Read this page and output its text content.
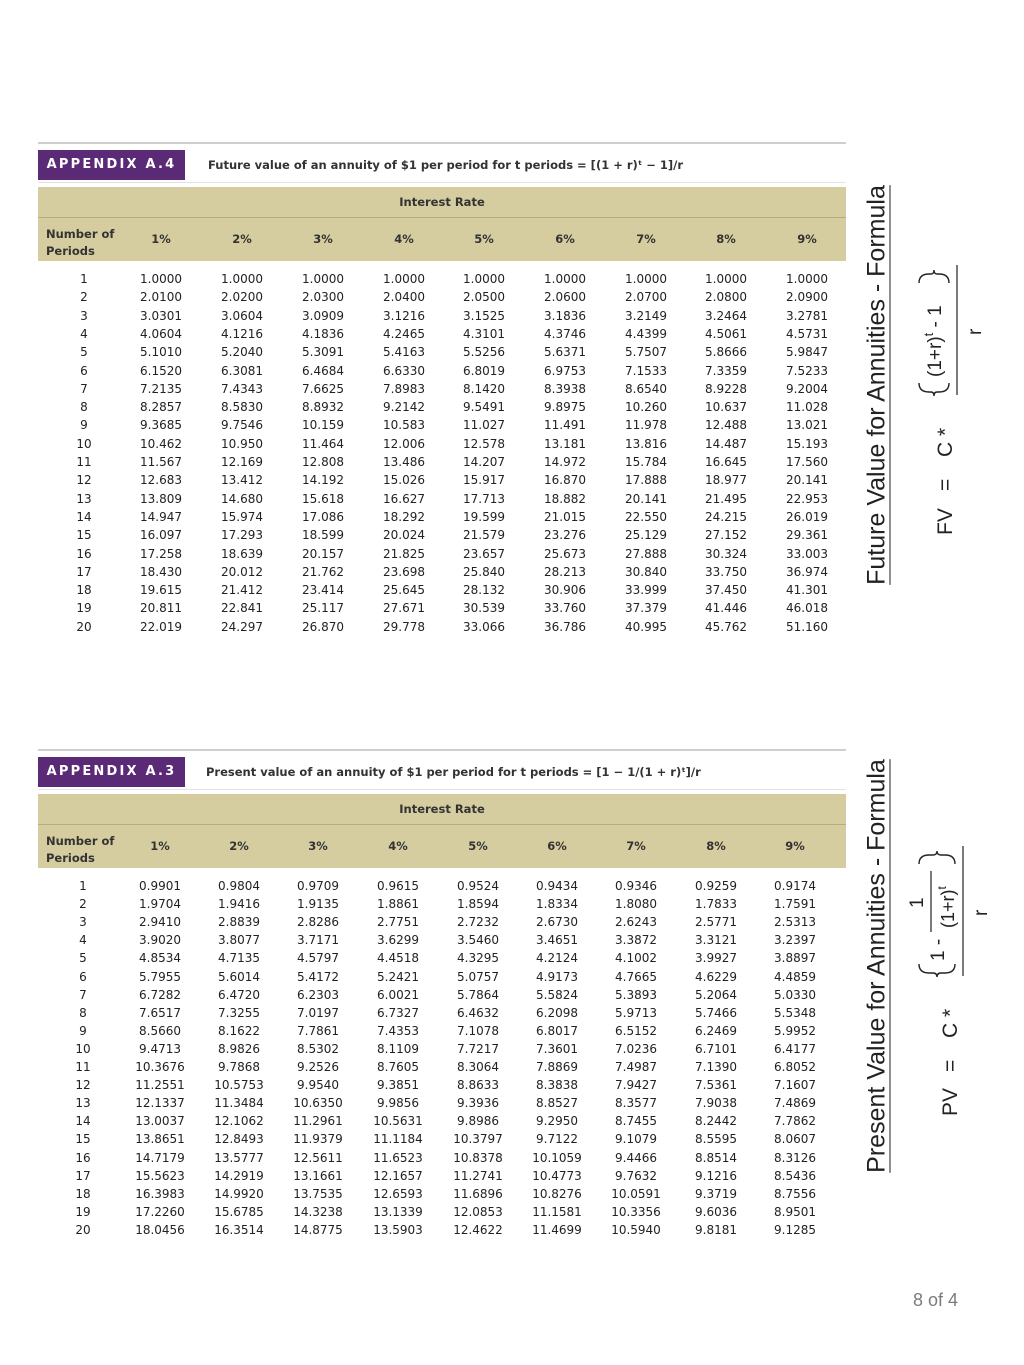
APPENDIX A.4	Future value of an annuity of $1 per period for t periods = [(1 + r)ᵗ − 1]/r
Interest Rate
Number of
Periods
1%	2%	3%	4%	5%	6%	7%	8%	9%
1	1.0000	1.0000	1.0000	1.0000	1.0000	1.0000	1.0000	1.0000	1.0000
2	2.0100	2.0200	2.0300	2.0400	2.0500	2.0600	2.0700	2.0800	2.0900
3	3.0301	3.0604	3.0909	3.1216	3.1525	3.1836	3.2149	3.2464	3.2781
4	4.0604	4.1216	4.1836	4.2465	4.3101	4.3746	4.4399	4.5061	4.5731
5	5.1010	5.2040	5.3091	5.4163	5.5256	5.6371	5.7507	5.8666	5.9847
6	6.1520	6.3081	6.4684	6.6330	6.8019	6.9753	7.1533	7.3359	7.5233
7	7.2135	7.4343	7.6625	7.8983	8.1420	8.3938	8.6540	8.9228	9.2004
8	8.2857	8.5830	8.8932	9.2142	9.5491	9.8975	10.260	10.637	11.028
9	9.3685	9.7546	10.159	10.583	11.027	11.491	11.978	12.488	13.021
10	10.462	10.950	11.464	12.006	12.578	13.181	13.816	14.487	15.193
11	11.567	12.169	12.808	13.486	14.207	14.972	15.784	16.645	17.560
12	12.683	13.412	14.192	15.026	15.917	16.870	17.888	18.977	20.141
13	13.809	14.680	15.618	16.627	17.713	18.882	20.141	21.495	22.953
14	14.947	15.974	17.086	18.292	19.599	21.015	22.550	24.215	26.019
15	16.097	17.293	18.599	20.024	21.579	23.276	25.129	27.152	29.361
16	17.258	18.639	20.157	21.825	23.657	25.673	27.888	30.324	33.003
17	18.430	20.012	21.762	23.698	25.840	28.213	30.840	33.750	36.974
18	19.615	21.412	23.414	25.645	28.132	30.906	33.999	37.450	41.301
19	20.811	22.841	25.117	27.671	30.539	33.760	37.379	41.446	46.018
20	22.019	24.297	26.870	29.778	33.066	36.786	40.995	45.762	51.160
APPENDIX A.3	Present value of an annuity of $1 per period for t periods = [1 − 1/(1 + r)ᵗ]/r
Interest Rate
Number of
Periods
1%	2%	3%	4%	5%	6%	7%	8%	9%
1	0.9901	0.9804	0.9709	0.9615	0.9524	0.9434	0.9346	0.9259	0.9174
2	1.9704	1.9416	1.9135	1.8861	1.8594	1.8334	1.8080	1.7833	1.7591
3	2.9410	2.8839	2.8286	2.7751	2.7232	2.6730	2.6243	2.5771	2.5313
4	3.9020	3.8077	3.7171	3.6299	3.5460	3.4651	3.3872	3.3121	3.2397
5	4.8534	4.7135	4.5797	4.4518	4.3295	4.2124	4.1002	3.9927	3.8897
6	5.7955	5.6014	5.4172	5.2421	5.0757	4.9173	4.7665	4.6229	4.4859
7	6.7282	6.4720	6.2303	6.0021	5.7864	5.5824	5.3893	5.2064	5.0330
8	7.6517	7.3255	7.0197	6.7327	6.4632	6.2098	5.9713	5.7466	5.5348
9	8.5660	8.1622	7.7861	7.4353	7.1078	6.8017	6.5152	6.2469	5.9952
10	9.4713	8.9826	8.5302	8.1109	7.7217	7.3601	7.0236	6.7101	6.4177
11	10.3676	9.7868	9.2526	8.7605	8.3064	7.8869	7.4987	7.1390	6.8052
12	11.2551	10.5753	9.9540	9.3851	8.8633	8.3838	7.9427	7.5361	7.1607
13	12.1337	11.3484	10.6350	9.9856	9.3936	8.8527	8.3577	7.9038	7.4869
14	13.0037	12.1062	11.2961	10.5631	9.8986	9.2950	8.7455	8.2442	7.7862
15	13.8651	12.8493	11.9379	11.1184	10.3797	9.7122	9.1079	8.5595	8.0607
16	14.7179	13.5777	12.5611	11.6523	10.8378	10.1059	9.4466	8.8514	8.3126
17	15.5623	14.2919	13.1661	12.1657	11.2741	10.4773	9.7632	9.1216	8.5436
18	16.3983	14.9920	13.7535	12.6593	11.6896	10.8276	10.0591	9.3719	8.7556
19	17.2260	15.6785	14.3238	13.1339	12.0853	11.1581	10.3356	9.6036	8.9501
20	18.0456	16.3514	14.8775	13.5903	12.4622	11.4699	10.5940	9.8181	9.1285
Future Value for Annuities - Formula
Present Value for Annuities - Formula
FV
=
C *
$(1+r)^t - 1$ r
PV
=
C *
1 -
1 $(1+r)^t$
r
8 of 4
